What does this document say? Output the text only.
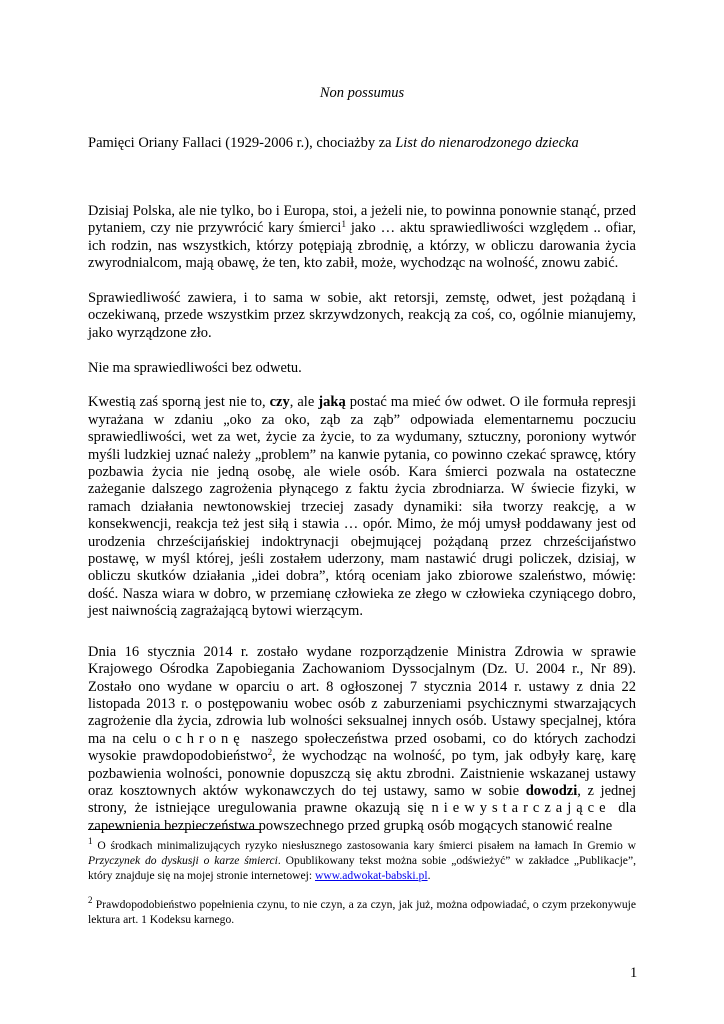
Non possumus
Pamięci Oriany Fallaci (1929-2006 r.), chociażby za List do nienarodzonego dziecka

Dzisiaj Polska, ale nie tylko, bo i Europa, stoi, a jeżeli nie, to powinna ponownie stanąć, przed pytaniem, czy nie przywrócić kary śmierci$^1$ jako … aktu sprawiedliwości względem .. ofiar, ich rodzin, nas wszystkich, którzy potępiają zbrodnię, a którzy, w obliczu darowania życia zwyrodnialcom, mają obawę, że ten, kto zabił, może, wychodząc na wolność, znowu zabić.

Sprawiedliwość zawiera, i to sama w sobie, akt retorsji, zemstę, odwet, jest pożądaną i oczekiwaną, przede wszystkim przez skrzywdzonych, reakcją za coś, co, ogólnie mianujemy, jako wyrządzone zło.

Nie ma sprawiedliwości bez odwetu.

Kwestią zaś sporną jest nie to, czy, ale jaką postać ma mieć ów odwet. O ile formuła represji wyrażana w zdaniu „oko za oko, ząb za ząb” odpowiada elementarnemu poczuciu sprawiedliwości, wet za wet, życie za życie, to za wydumany, sztuczny, poroniony wytwór myśli ludzkiej uznać należy „problem” na kanwie pytania, co powinno czekać sprawcę, który pozbawia życia nie jedną osobę, ale wiele osób. Kara śmierci pozwala na ostateczne zażeganie dalszego zagrożenia płynącego z faktu życia zbrodniarza. W świecie fizyki, w ramach działania newtonowskiej trzeciej zasady dynamiki: siła tworzy reakcję, a w konsekwencji, reakcja też jest siłą i stawia … opór. Mimo, że mój umysł poddawany jest od urodzenia chrześcijańskiej indoktrynacji obejmującej pożądaną przez chrześcijaństwo postawę, w myśl której, jeśli zostałem uderzony, mam nastawić drugi policzek, dzisiaj, w obliczu skutków działania „idei dobra”, którą oceniam jako zbiorowe szaleństwo, mówię: dość. Nasza wiara w dobro, w przemianę człowieka ze złego w człowieka czyniącego dobro, jest naiwnością zagrażającą bytowi wierzącym.

Dnia 16 stycznia 2014 r. zostało wydane rozporządzenie Ministra Zdrowia w sprawie Krajowego Ośrodka Zapobiegania Zachowaniom Dyssocjalnym (Dz. U. 2004 r., Nr 89). Zostało ono wydane w oparciu o art. 8 ogłoszonej 7 stycznia 2014 r. ustawy z dnia 22 listopada 2013 r. o postępowaniu wobec osób z zaburzeniami psychicznymi stwarzających zagrożenie dla życia, zdrowia lub wolności seksualnej innych osób. Ustawy specjalnej, która ma na celu ochronę naszego społeczeństwa przed osobami, co do których zachodzi wysokie prawdopodobieństwo$^2$, że wychodząc na wolność, po tym, jak odbyły karę, karę pozbawienia wolności, ponownie dopuszczą się aktu zbrodni. Zaistnienie wskazanej ustawy oraz kosztownych aktów wykonawczych do tej ustawy, samo w sobie dowodzi, z jednej strony, że istniejące uregulowania prawne okazują się niewystarczające dla zapewnienia bezpieczeństwa powszechnego przed grupką osób mogących stanowić realne

$^1$ O środkach minimalizujących ryzyko niesłusznego zastosowania kary śmierci pisałem na łamach In Gremio w Przyczynek do dyskusji o karze śmierci. Opublikowany tekst można sobie „odświeżyć” w zakładce „Publikacje”, który znajduje się na mojej stronie internetowej: www.adwokat-babski.pl.

$^2$ Prawdopodobieństwo popełnienia czynu, to nie czyn, a za czyn, jak już, można odpowiadać, o czym przekonywuje lektura art. 1 Kodeksu karnego.

1
